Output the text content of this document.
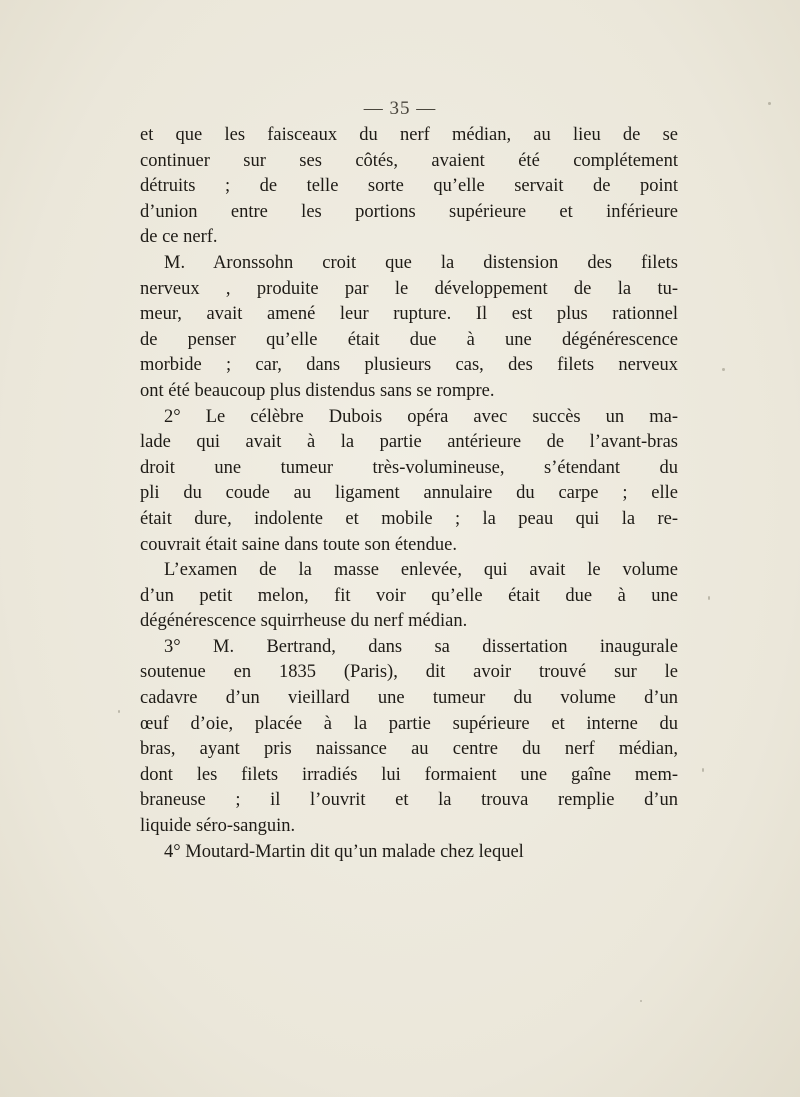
— 35 —
et que les faisceaux du nerf médian, au lieu de se
continuer sur ses côtés, avaient été complétement
détruits ; de telle sorte qu’elle servait de point
d’union entre les portions supérieure et inférieure
de ce nerf.
M. Aronssohn croit que la distension des filets
nerveux , produite par le développement de la tu-
meur, avait amené leur rupture. Il est plus rationnel
de penser qu’elle était due à une dégénérescence
morbide ; car, dans plusieurs cas, des filets nerveux
ont été beaucoup plus distendus sans se rompre.
2° Le célèbre Dubois opéra avec succès un ma-
lade qui avait à la partie antérieure de l’avant-bras
droit une tumeur très-volumineuse, s’étendant du
pli du coude au ligament annulaire du carpe ; elle
était dure, indolente et mobile ; la peau qui la re-
couvrait était saine dans toute son étendue.
L’examen de la masse enlevée, qui avait le volume
d’un petit melon, fit voir qu’elle était due à une
dégénérescence squirrheuse du nerf médian.
3° M. Bertrand, dans sa dissertation inaugurale
soutenue en 1835 (Paris), dit avoir trouvé sur le
cadavre d’un vieillard une tumeur du volume d’un
œuf d’oie, placée à la partie supérieure et interne du
bras, ayant pris naissance au centre du nerf médian,
dont les filets irradiés lui formaient une gaîne mem-
braneuse ; il l’ouvrit et la trouva remplie d’un
liquide séro-sanguin.
4° Moutard-Martin dit qu’un malade chez lequel
